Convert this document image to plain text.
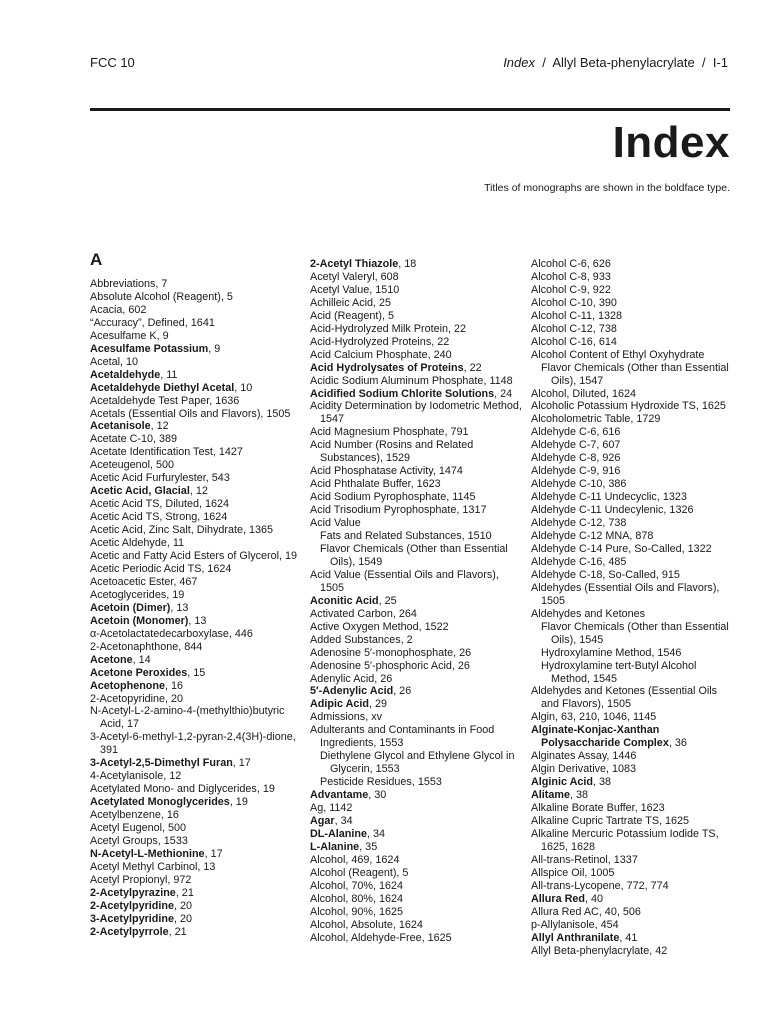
FCC 10	Index / Allyl Beta-phenylacrylate / I-1
Index
Titles of monographs are shown in the boldface type.
A
Abbreviations, 7
Absolute Alcohol (Reagent), 5
Acacia, 602
“Accuracy”, Defined, 1641
Acesulfame K, 9
Acesulfame Potassium, 9
Acetal, 10
Acetaldehyde, 11
Acetaldehyde Diethyl Acetal, 10
Acetaldehyde Test Paper, 1636
Acetals (Essential Oils and Flavors), 1505
Acetanisole, 12
Acetate C-10, 389
Acetate Identification Test, 1427
Aceteugenol, 500
Acetic Acid Furfurylester, 543
Acetic Acid, Glacial, 12
Acetic Acid TS, Diluted, 1624
Acetic Acid TS, Strong, 1624
Acetic Acid, Zinc Salt, Dihydrate, 1365
Acetic Aldehyde, 11
Acetic and Fatty Acid Esters of Glycerol, 19
Acetic Periodic Acid TS, 1624
Acetoacetic Ester, 467
Acetoglycerides, 19
Acetoin (Dimer), 13
Acetoin (Monomer), 13
α-Acetolactatedecarboxylase, 446
2-Acetonaphthone, 844
Acetone, 14
Acetone Peroxides, 15
Acetophenone, 16
2-Acetopyridine, 20
N-Acetyl-L-2-amino-4-(methylthio)butyric Acid, 17
3-Acetyl-6-methyl-1,2-pyran-2,4(3H)-dione, 391
3-Acetyl-2,5-Dimethyl Furan, 17
4-Acetylanisole, 12
Acetylated Mono- and Diglycerides, 19
Acetylated Monoglycerides, 19
Acetylbenzene, 16
Acetyl Eugenol, 500
Acetyl Groups, 1533
N-Acetyl-L-Methionine, 17
Acetyl Methyl Carbinol, 13
Acetyl Propionyl, 972
2-Acetylpyrazine, 21
2-Acetylpyridine, 20
3-Acetylpyridine, 20
2-Acetylpyrrole, 21
2-Acetyl Thiazole, 18
Acetyl Valeryl, 608
Acetyl Value, 1510
Achilleic Acid, 25
Acid (Reagent), 5
Acid-Hydrolyzed Milk Protein, 22
Acid-Hydrolyzed Proteins, 22
Acid Calcium Phosphate, 240
Acid Hydrolysates of Proteins, 22
Acidic Sodium Aluminum Phosphate, 1148
Acidified Sodium Chlorite Solutions, 24
Acidity Determination by Iodometric Method, 1547
Acid Magnesium Phosphate, 791
Acid Number (Rosins and Related Substances), 1529
Acid Phosphatase Activity, 1474
Acid Phthalate Buffer, 1623
Acid Sodium Pyrophosphate, 1145
Acid Trisodium Pyrophosphate, 1317
Acid Value
Fats and Related Substances, 1510
Flavor Chemicals (Other than Essential Oils), 1549
Acid Value (Essential Oils and Flavors), 1505
Aconitic Acid, 25
Activated Carbon, 264
Active Oxygen Method, 1522
Added Substances, 2
Adenosine 5′-monophosphate, 26
Adenosine 5′-phosphoric Acid, 26
Adenylic Acid, 26
5′-Adenylic Acid, 26
Adipic Acid, 29
Admissions, xv
Adulterants and Contaminants in Food
Ingredients, 1553
Diethylene Glycol and Ethylene Glycol in Glycerin, 1553
Pesticide Residues, 1553
Advantame, 30
Ag, 1142
Agar, 34
DL-Alanine, 34
L-Alanine, 35
Alcohol, 469, 1624
Alcohol (Reagent), 5
Alcohol, 70%, 1624
Alcohol, 80%, 1624
Alcohol, 90%, 1625
Alcohol, Absolute, 1624
Alcohol, Aldehyde-Free, 1625
Alcohol C-6, 626
Alcohol C-8, 933
Alcohol C-9, 922
Alcohol C-10, 390
Alcohol C-11, 1328
Alcohol C-12, 738
Alcohol C-16, 614
Alcohol Content of Ethyl Oxyhydrate
Flavor Chemicals (Other than Essential Oils), 1547
Alcohol, Diluted, 1624
Alcoholic Potassium Hydroxide TS, 1625
Alcoholometric Table, 1729
Aldehyde C-6, 616
Aldehyde C-7, 607
Aldehyde C-8, 926
Aldehyde C-9, 916
Aldehyde C-10, 386
Aldehyde C-11 Undecyclic, 1323
Aldehyde C-11 Undecylenic, 1326
Aldehyde C-12, 738
Aldehyde C-12 MNA, 878
Aldehyde C-14 Pure, So-Called, 1322
Aldehyde C-16, 485
Aldehyde C-18, So-Called, 915
Aldehydes (Essential Oils and Flavors), 1505
Aldehydes and Ketones
Flavor Chemicals (Other than Essential Oils), 1545
Hydroxylamine Method, 1546
Hydroxylamine tert-Butyl Alcohol Method, 1545
Aldehydes and Ketones (Essential Oils and Flavors), 1505
Algin, 63, 210, 1046, 1145
Alginate-Konjac-Xanthan Polysaccharide Complex, 36
Alginates Assay, 1446
Algin Derivative, 1083
Alginic Acid, 38
Alitame, 38
Alkaline Borate Buffer, 1623
Alkaline Cupric Tartrate TS, 1625
Alkaline Mercuric Potassium Iodide TS, 1625, 1628
All-trans-Retinol, 1337
Allspice Oil, 1005
All-trans-Lycopene, 772, 774
Allura Red, 40
Allura Red AC, 40, 506
p-Allylanisole, 454
Allyl Anthranilate, 41
Allyl Beta-phenylacrylate, 42
